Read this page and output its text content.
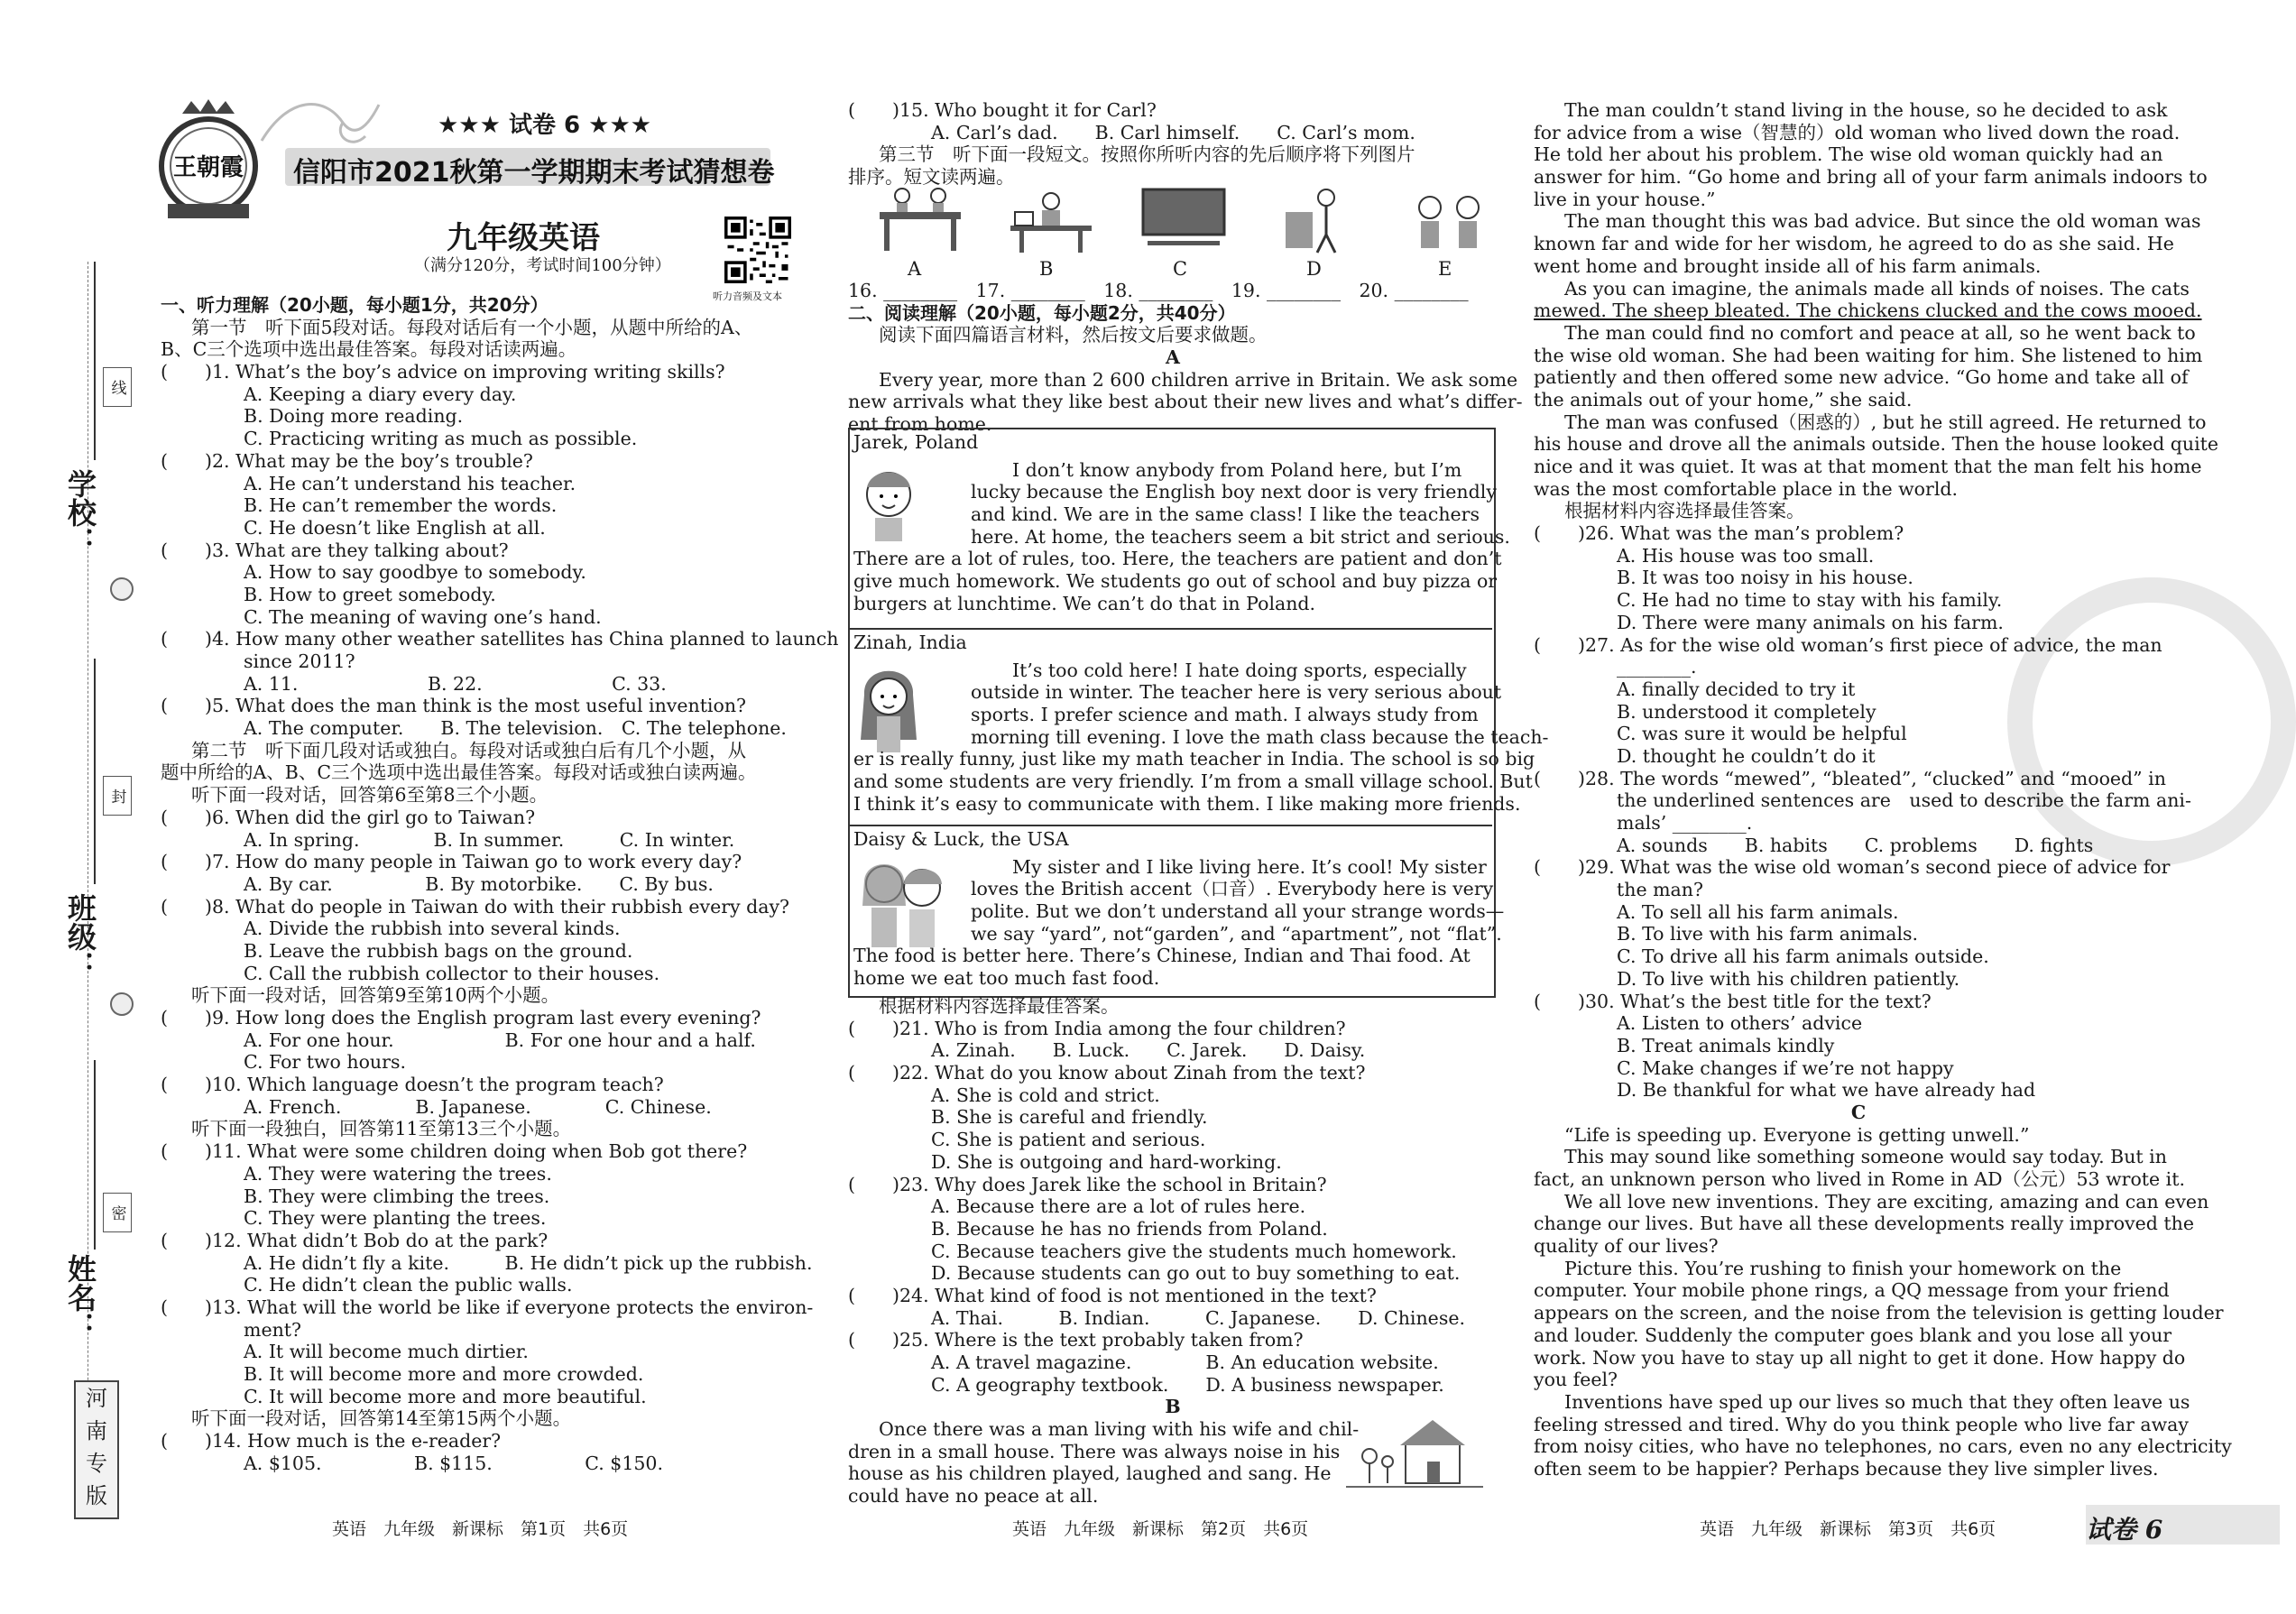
学校：
班级：
姓名：
线
封
密
河南专版
王朝霞
★★★ 试卷 6 ★★★
信阳市2021秋第一学期期末考试猜想卷
九年级英语
（满分120分，考试时间100分钟）
听力音频及文本
一、听力理解（20小题，每小题1分，共20分）
第一节　听下面5段对话。每段对话后有一个小题，从题中所给的A、
B、C三个选项中选出最佳答案。每段对话读两遍。
(　　)1. What’s the boy’s advice on improving writing skills?
A. Keeping a diary every day.
B. Doing more reading.
C. Practicing writing as much as possible.
(　　)2. What may be the boy’s trouble?
A. He can’t understand his teacher.
B. He can’t remember the words.
C. He doesn’t like English at all.
(　　)3. What are they talking about?
A. How to say goodbye to somebody.
B. How to greet somebody.
C. The meaning of waving one’s hand.
(　　)4. How many other weather satellites has China planned to launch
since 2011?
A. 11.　　　　　　　B. 22.　　　　　　　C. 33.
(　　)5. What does the man think is the most useful invention?
A. The computer.　　B. The television.　C. The telephone.
第二节　听下面几段对话或独白。每段对话或独白后有几个小题，从
题中所给的A、B、C三个选项中选出最佳答案。每段对话或独白读两遍。
听下面一段对话，回答第6至第8三个小题。
(　　)6. When did the girl go to Taiwan?
A. In spring.　　　　B. In summer.　　　C. In winter.
(　　)7. How do many people in Taiwan go to work every day?
A. By car.　　　　　B. By motorbike.　　C. By bus.
(　　)8. What do people in Taiwan do with their rubbish every day?
A. Divide the rubbish into several kinds.
B. Leave the rubbish bags on the ground.
C. Call the rubbish collector to their houses.
听下面一段对话，回答第9至第10两个小题。
(　　)9. How long does the English program last every evening?
A. For one hour.　　　　　　B. For one hour and a half.
C. For two hours.
(　　)10. Which language doesn’t the program teach?
A. French.　　　　B. Japanese.　　　　C. Chinese.
听下面一段独白，回答第11至第13三个小题。
(　　)11. What were some children doing when Bob got there?
A. They were watering the trees.
B. They were climbing the trees.
C. They were planting the trees.
(　　)12. What didn’t Bob do at the park?
A. He didn’t fly a kite.　　　B. He didn’t pick up the rubbish.
C. He didn’t clean the public walls.
(　　)13. What will the world be like if everyone protects the environ-
ment?
A. It will become much dirtier.
B. It will become more and more crowded.
C. It will become more and more beautiful.
听下面一段对话，回答第14至第15两个小题。
(　　)14. How much is the e-reader?
A. $105.　　　　　B. $115.　　　　　C. $150.
(　　)15. Who bought it for Carl?
A. Carl’s dad.　　B. Carl himself.　　C. Carl’s mom.
第三节　听下面一段短文。按照你所听内容的先后顺序将下列图片
排序。短文读两遍。
A	B	C	D	E
16. ________　17. ________　18. ________　19. ________　20. ________
二、阅读理解（20小题，每小题2分，共40分）
阅读下面四篇语言材料，然后按文后要求做题。
A
Every year, more than 2 600 children arrive in Britain. We ask some
new arrivals what they like best about their new lives and what’s differ-
ent from home.
Jarek, Poland
I don’t know anybody from Poland here, but I’m
lucky because the English boy next door is very friendly
and kind. We are in the same class! I like the teachers
here. At home, the teachers seem a bit strict and serious.
There are a lot of rules, too. Here, the teachers are patient and don’t
give much homework. We students go out of school and buy pizza or
burgers at lunchtime. We can’t do that in Poland.
Zinah, India
It’s too cold here! I hate doing sports, especially
outside in winter. The teacher here is very serious about
sports. I prefer science and math. I always study from
morning till evening. I love the math class because the teach-
er is really funny, just like my math teacher in India. The school is so big
and some students are very friendly. I’m from a small village school. But
I think it’s easy to communicate with them. I like making more friends.
Daisy & Luck, the USA
My sister and I like living here. It’s cool! My sister
loves the British accent（口音）. Everybody here is very
polite. But we don’t understand all your strange words—
we say “yard”, not“garden”, and “apartment”, not “flat”.
The food is better here. There’s Chinese, Indian and Thai food. At
home we eat too much fast food.
根据材料内容选择最佳答案。
(　　)21. Who is from India among the four children?
A. Zinah.　　B. Luck.　　C. Jarek.　　D. Daisy.
(　　)22. What do you know about Zinah from the text?
A. She is cold and strict.
B. She is careful and friendly.
C. She is patient and serious.
D. She is outgoing and hard-working.
(　　)23. Why does Jarek like the school in Britain?
A. Because there are a lot of rules here.
B. Because he has no friends from Poland.
C. Because teachers give the students much homework.
D. Because students can go out to buy something to eat.
(　　)24. What kind of food is not mentioned in the text?
A. Thai.　　　B. Indian.　　　C. Japanese.　　D. Chinese.
(　　)25. Where is the text probably taken from?
A. A travel magazine.　　　　B. An education website.
C. A geography textbook.　　D. A business newspaper.
B
Once there was a man living with his wife and chil-
dren in a small house. There was always noise in his
house as his children played, laughed and sang. He
could have no peace at all.
The man couldn’t stand living in the house, so he decided to ask
for advice from a wise（智慧的）old woman who lived down the road.
He told her about his problem. The wise old woman quickly had an
answer for him. “Go home and bring all of your farm animals indoors to
live in your house.”
The man thought this was bad advice. But since the old woman was
known far and wide for her wisdom, he agreed to do as she said. He
went home and brought inside all of his farm animals.
As you can imagine, the animals made all kinds of noises. The cats
mewed. The sheep bleated. The chickens clucked and the cows mooed.
The man could find no comfort and peace at all, so he went back to
the wise old woman. She had been waiting for him. She listened to him
patiently and then offered some new advice. “Go home and take all of
the animals out of your home,” she said.
The man was confused（困惑的）, but he still agreed. He returned to
his house and drove all the animals outside. Then the house looked quite
nice and it was quiet. It was at that moment that the man felt his home
was the most comfortable place in the world.
根据材料内容选择最佳答案。
(　　)26. What was the man’s problem?
A. His house was too small.
B. It was too noisy in his house.
C. He had no time to stay with his family.
D. There were many animals on his farm.
(　　)27. As for the wise old woman’s first piece of advice, the man
________.
A. finally decided to try it
B. understood it completely
C. was sure it would be helpful
D. thought he couldn’t do it
(　　)28. The words “mewed”, “bleated”, “clucked” and “mooed” in
the underlined sentences are　used to describe the farm ani-
mals’ ________.
A. sounds　　B. habits　　C. problems　　D. fights
(　　)29. What was the wise old woman’s second piece of advice for
the man?
A. To sell all his farm animals.
B. To live with his farm animals.
C. To drive all his farm animals outside.
D. To live with his children patiently.
(　　)30. What’s the best title for the text?
A. Listen to others’ advice
B. Treat animals kindly
C. Make changes if we’re not happy
D. Be thankful for what we have already had
C
“Life is speeding up. Everyone is getting unwell.”
This may sound like something someone would say today. But in
fact, an unknown person who lived in Rome in AD（公元）53 wrote it.
We all love new inventions. They are exciting, amazing and can even
change our lives. But have all these developments really improved the
quality of our lives?
Picture this. You’re rushing to finish your homework on the
computer. Your mobile phone rings, a QQ message from your friend
appears on the screen, and the noise from the television is getting louder
and louder. Suddenly the computer goes blank and you lose all your
work. Now you have to stay up all night to get it done. How happy do
you feel?
Inventions have sped up our lives so much that they often leave us
feeling stressed and tired. Why do you think people who live far away
from noisy cities, who have no telephones, no cars, even no any electricity
often seem to be happier? Perhaps because they live simpler lives.
英语　九年级　新课标　第1页　共6页	英语　九年级　新课标　第2页　共6页	英语　九年级　新课标　第3页　共6页	试卷 6
